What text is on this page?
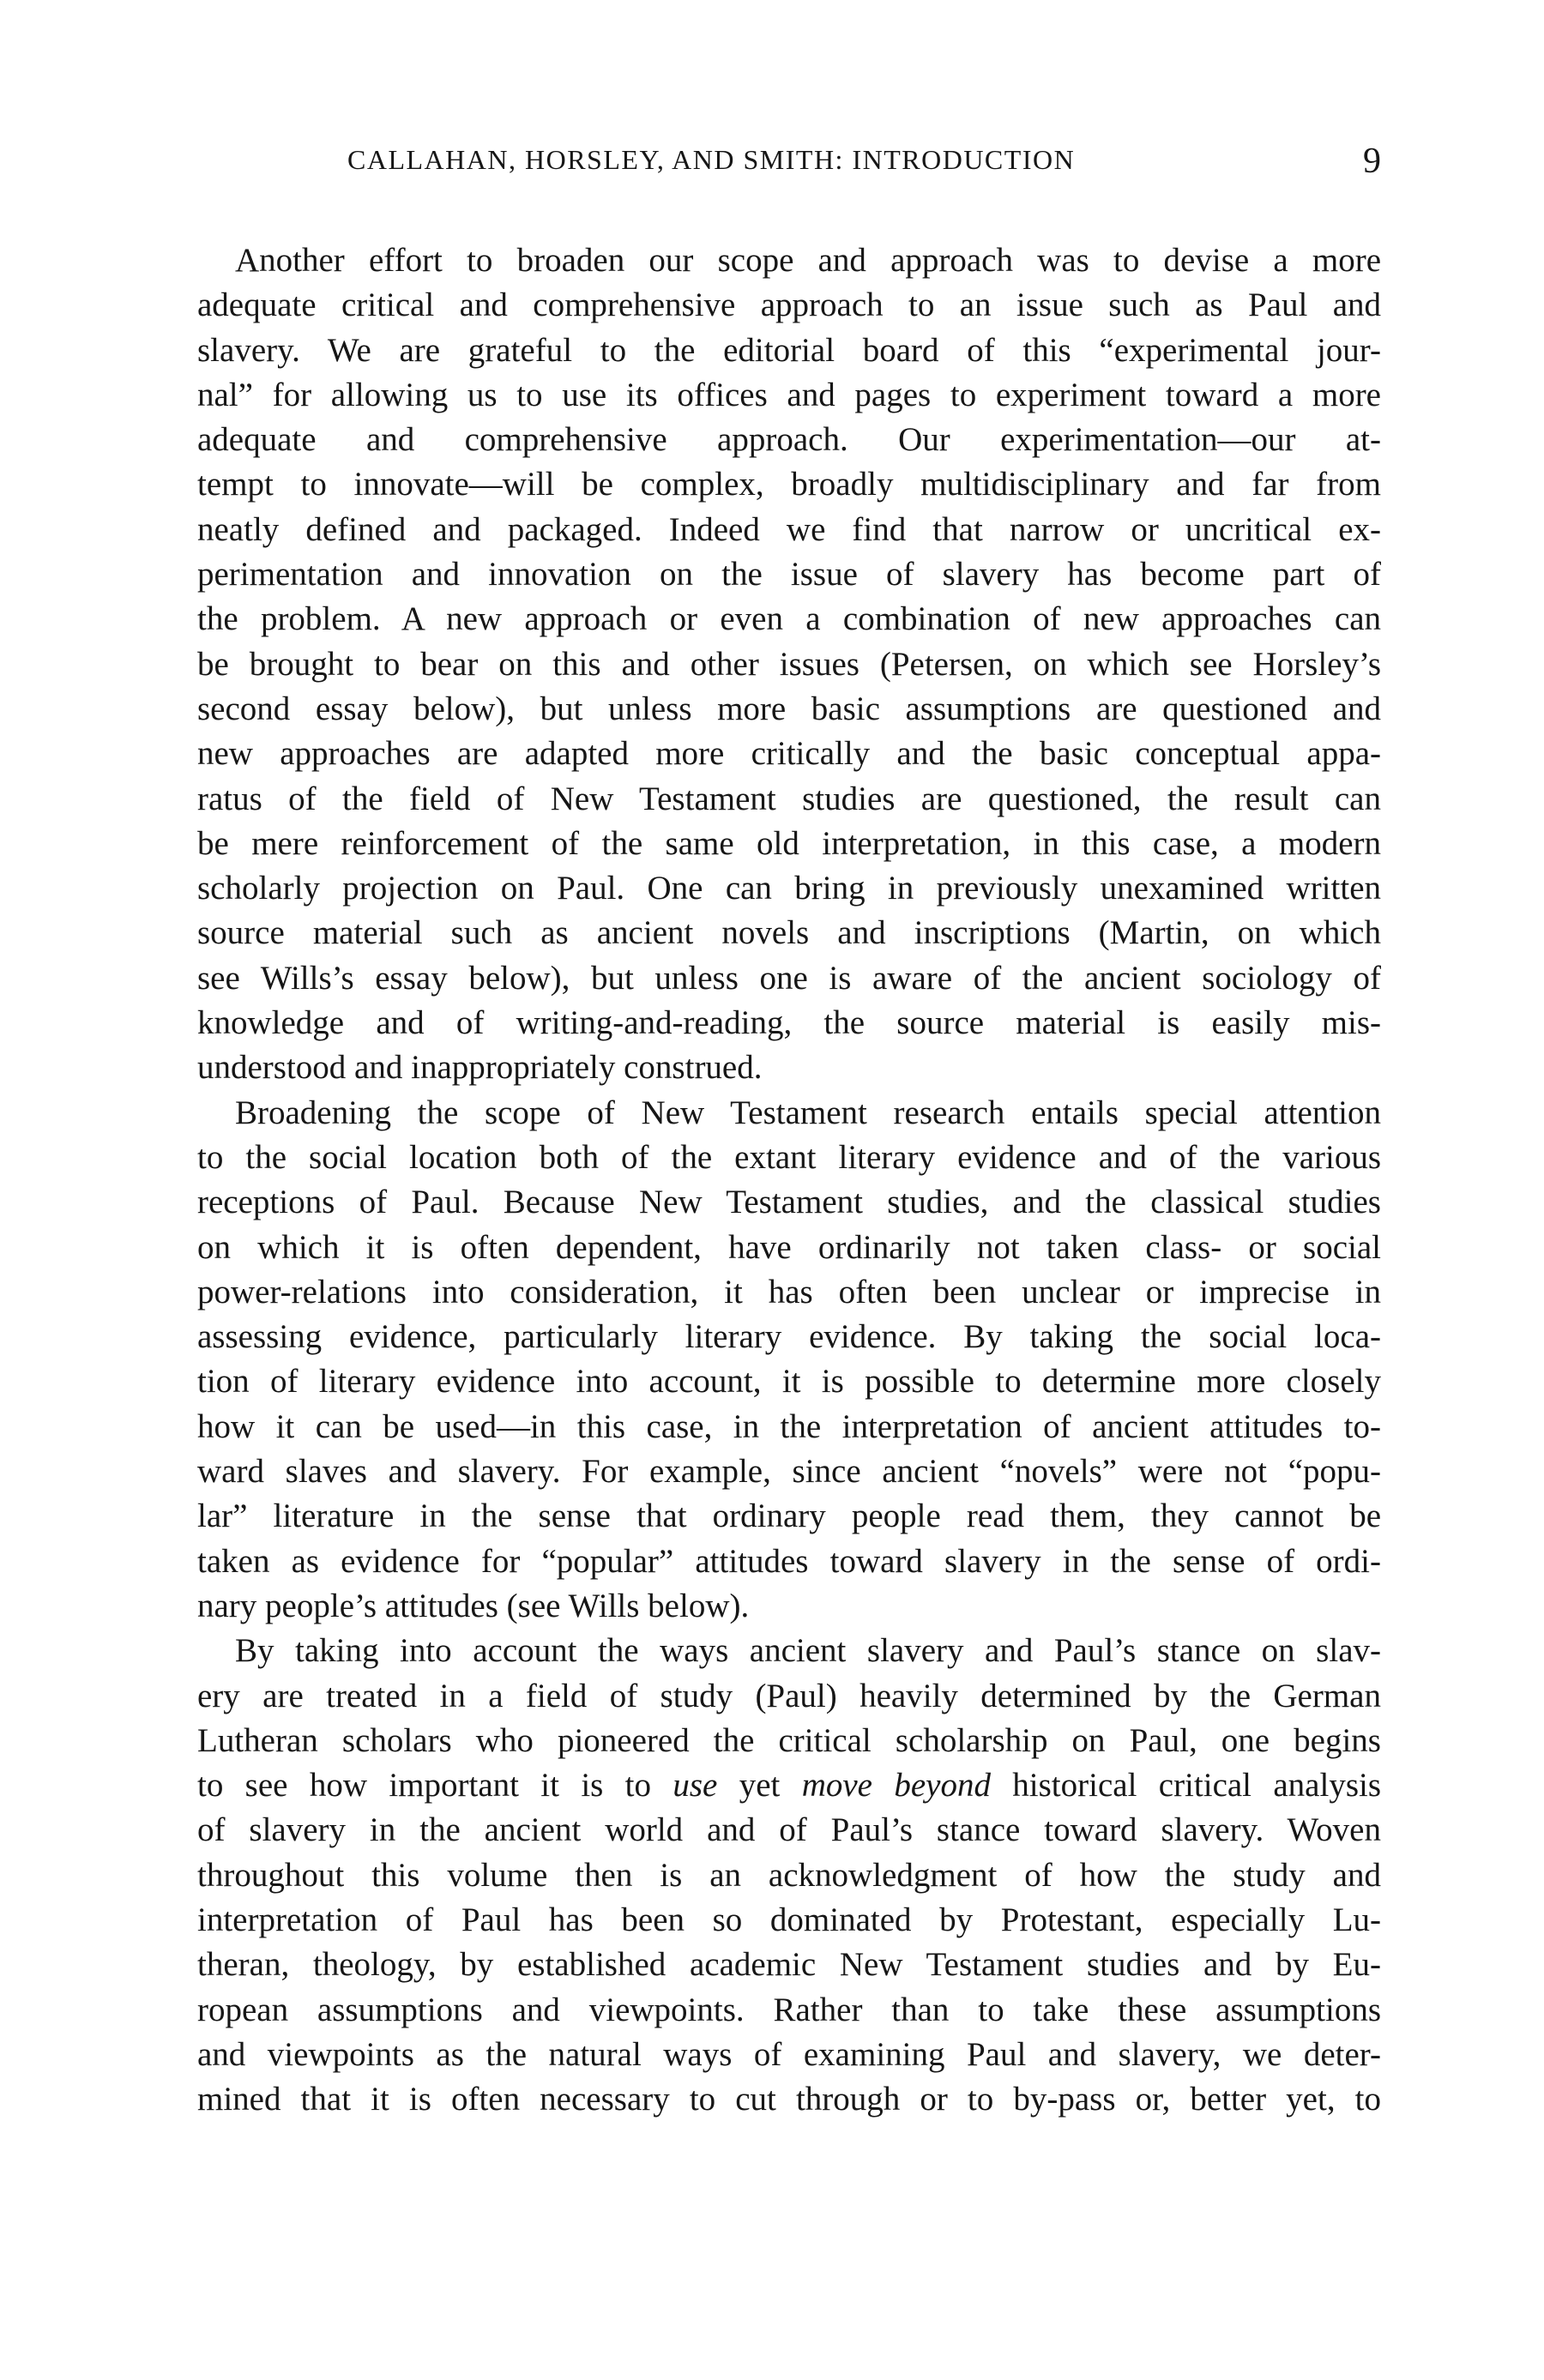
CALLAHAN, HORSLEY, AND SMITH: INTRODUCTION	9

Another effort to broaden our scope and approach was to devise a more
adequate critical and comprehensive approach to an issue such as Paul and
slavery. We are grateful to the editorial board of this “experimental jour-
nal” for allowing us to use its offices and pages to experiment toward a more
adequate and comprehensive approach. Our experimentation—our at-
tempt to innovate—will be complex, broadly multidisciplinary and far from
neatly defined and packaged. Indeed we find that narrow or uncritical ex-
perimentation and innovation on the issue of slavery has become part of
the problem. A new approach or even a combination of new approaches can
be brought to bear on this and other issues (Petersen, on which see Horsley’s
second essay below), but unless more basic assumptions are questioned and
new approaches are adapted more critically and the basic conceptual appa-
ratus of the field of New Testament studies are questioned, the result can
be mere reinforcement of the same old interpretation, in this case, a modern
scholarly projection on Paul. One can bring in previously unexamined written
source material such as ancient novels and inscriptions (Martin, on which
see Wills’s essay below), but unless one is aware of the ancient sociology of
knowledge and of writing-and-reading, the source material is easily mis-
understood and inappropriately construed.

Broadening the scope of New Testament research entails special attention
to the social location both of the extant literary evidence and of the various
receptions of Paul. Because New Testament studies, and the classical studies
on which it is often dependent, have ordinarily not taken class- or social
power-relations into consideration, it has often been unclear or imprecise in
assessing evidence, particularly literary evidence. By taking the social loca-
tion of literary evidence into account, it is possible to determine more closely
how it can be used—in this case, in the interpretation of ancient attitudes to-
ward slaves and slavery. For example, since ancient “novels” were not “popu-
lar” literature in the sense that ordinary people read them, they cannot be
taken as evidence for “popular” attitudes toward slavery in the sense of ordi-
nary people’s attitudes (see Wills below).

By taking into account the ways ancient slavery and Paul’s stance on slav-
ery are treated in a field of study (Paul) heavily determined by the German
Lutheran scholars who pioneered the critical scholarship on Paul, one begins
to see how important it is to use yet move beyond historical critical analysis
of slavery in the ancient world and of Paul’s stance toward slavery. Woven
throughout this volume then is an acknowledgment of how the study and
interpretation of Paul has been so dominated by Protestant, especially Lu-
theran, theology, by established academic New Testament studies and by Eu-
ropean assumptions and viewpoints. Rather than to take these assumptions
and viewpoints as the natural ways of examining Paul and slavery, we deter-
mined that it is often necessary to cut through or to by-pass or, better yet, to
